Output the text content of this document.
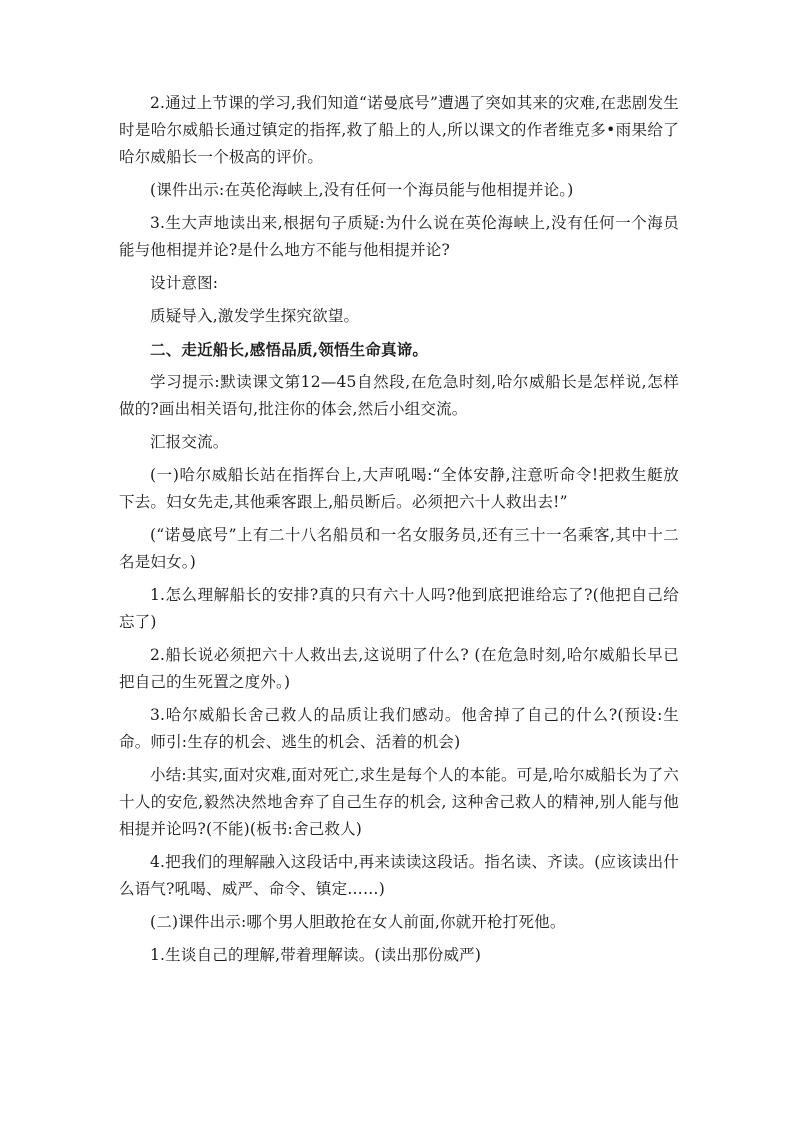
2.通过上节课的学习,我们知道“诺曼底号”遭遇了突如其来的灾难,在悲剧发生时是哈尔威船长通过镇定的指挥,救了船上的人,所以课文的作者维克多•雨果给了哈尔威船长一个极高的评价。

(课件出示:在英伦海峡上,没有任何一个海员能与他相提并论。)

3.生大声地读出来,根据句子质疑:为什么说在英伦海峡上,没有任何一个海员能与他相提并论?是什么地方不能与他相提并论?

设计意图:

质疑导入,激发学生探究欲望。

二、走近船长,感悟品质,领悟生命真谛。

学习提示:默读课文第12—45自然段,在危急时刻,哈尔威船长是怎样说,怎样做的?画出相关语句,批注你的体会,然后小组交流。

汇报交流。

(一)哈尔威船长站在指挥台上,大声吼喝:“全体安静,注意听命令!把救生艇放下去。妇女先走,其他乘客跟上,船员断后。必须把六十人救出去!”

(“诺曼底号”上有二十八名船员和一名女服务员,还有三十一名乘客,其中十二名是妇女。)

1.怎么理解船长的安排?真的只有六十人吗?他到底把谁给忘了?(他把自己给忘了)

2.船长说必须把六十人救出去,这说明了什么? (在危急时刻,哈尔威船长早已把自己的生死置之度外。)

3.哈尔威船长舍己救人的品质让我们感动。他舍掉了自己的什么?(预设:生命。师引:生存的机会、逃生的机会、活着的机会)

小结:其实,面对灾难,面对死亡,求生是每个人的本能。可是,哈尔威船长为了六十人的安危,毅然决然地舍弃了自己生存的机会, 这种舍己救人的精神,别人能与他相提并论吗?(不能)(板书:舍己救人)

4.把我们的理解融入这段话中,再来读读这段话。指名读、齐读。(应该读出什么语气?吼喝、威严、命令、镇定……)

(二)课件出示:哪个男人胆敢抢在女人前面,你就开枪打死他。

1.生谈自己的理解,带着理解读。(读出那份威严)
